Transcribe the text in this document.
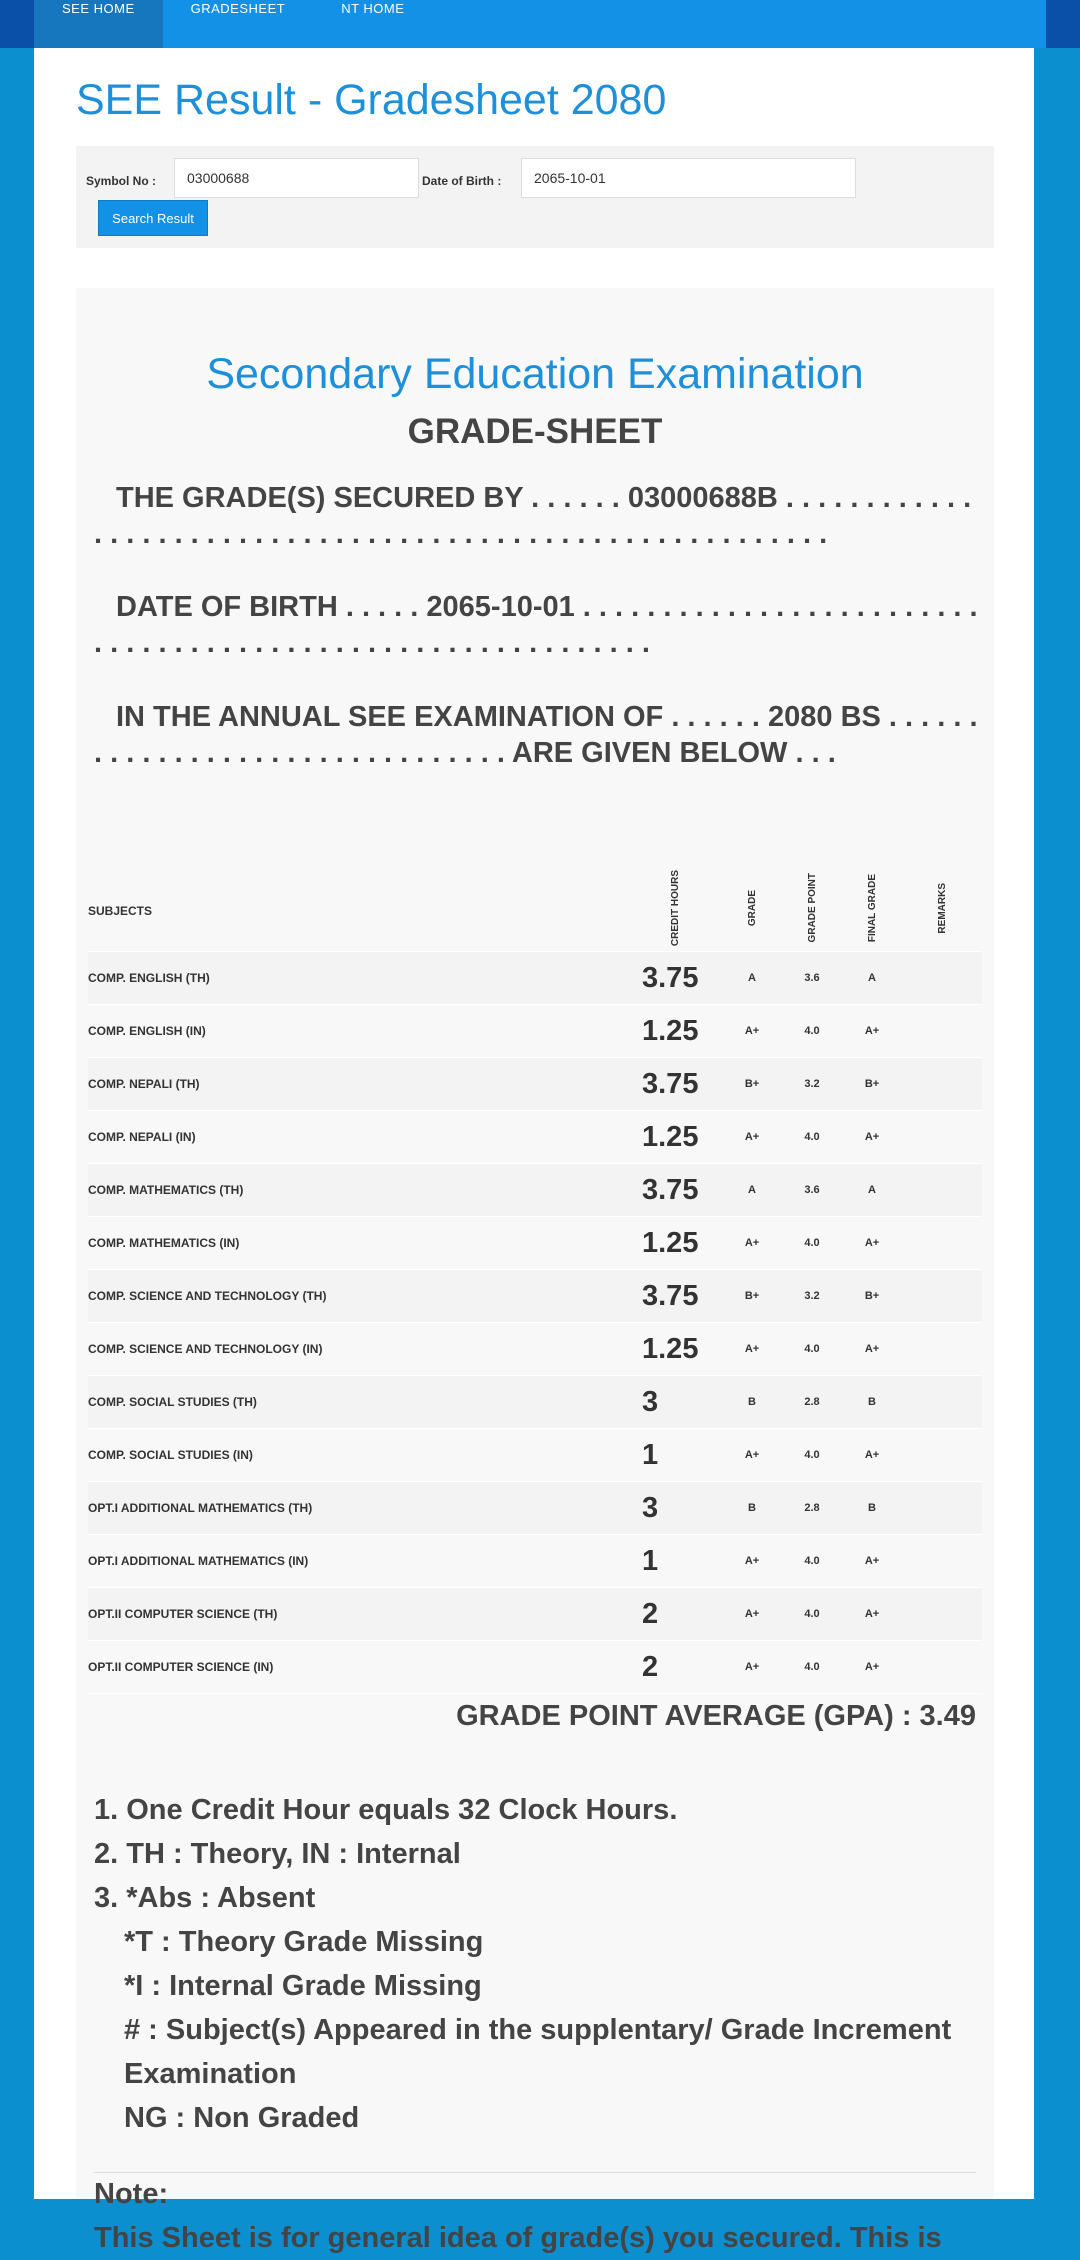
SEE HOME	GRADESHEET	NT HOME
SEE Result - Gradesheet 2080
Symbol No :
03000688	Date of Birth :
2065-10-01
Search Result
Secondary Education Examination
GRADE-SHEET

THE GRADE(S) SECURED BY . . . . . . 03000688B . . . . . . . . . . . . . . . . . . . . . . . . . . . . . . . . . . . . . . . . . . . . . . . . . . . . . . . . . .

DATE OF BIRTH . . . . . 2065-10-01 . . . . . . . . . . . . . . . . . . . . . . . . . . . . . . . . . . . . . . . . . . . . . . . . . . . . . . . . . . . .

IN THE ANNUAL SEE EXAMINATION OF . . . . . . 2080 BS . . . . . . . . . . . . . . . . . . . . . . . . . . . . . . . . ARE GIVEN BELOW . . .

SUBJECTS	CREDIT HOURS	GRADE	GRADE POINT	FINAL GRADE	REMARKS
COMP. ENGLISH (TH)	3.75	A	3.6	A	
COMP. ENGLISH (IN)	1.25	A+	4.0	A+	
COMP. NEPALI (TH)	3.75	B+	3.2	B+	
COMP. NEPALI (IN)	1.25	A+	4.0	A+	
COMP. MATHEMATICS (TH)	3.75	A	3.6	A	
COMP. MATHEMATICS (IN)	1.25	A+	4.0	A+	
COMP. SCIENCE AND TECHNOLOGY (TH)	3.75	B+	3.2	B+	
COMP. SCIENCE AND TECHNOLOGY (IN)	1.25	A+	4.0	A+	
COMP. SOCIAL STUDIES (TH)	3	B	2.8	B	
COMP. SOCIAL STUDIES (IN)	1	A+	4.0	A+	
OPT.I ADDITIONAL MATHEMATICS (TH)	3	B	2.8	B	
OPT.I ADDITIONAL MATHEMATICS (IN)	1	A+	4.0	A+	
OPT.II COMPUTER SCIENCE (TH)	2	A+	4.0	A+	
OPT.II COMPUTER SCIENCE (IN)	2	A+	4.0	A+	

GRADE POINT AVERAGE (GPA) : 3.49

1. One Credit Hour equals 32 Clock Hours.
2. TH : Theory, IN : Internal
3. *Abs : Absent
*T : Theory Grade Missing
*I : Internal Grade Missing
# : Subject(s) Appeared in the supplentary/ Grade Increment Examination
NG : Non Graded

Note:

This Sheet is for general idea of grade(s) you secured. This is
